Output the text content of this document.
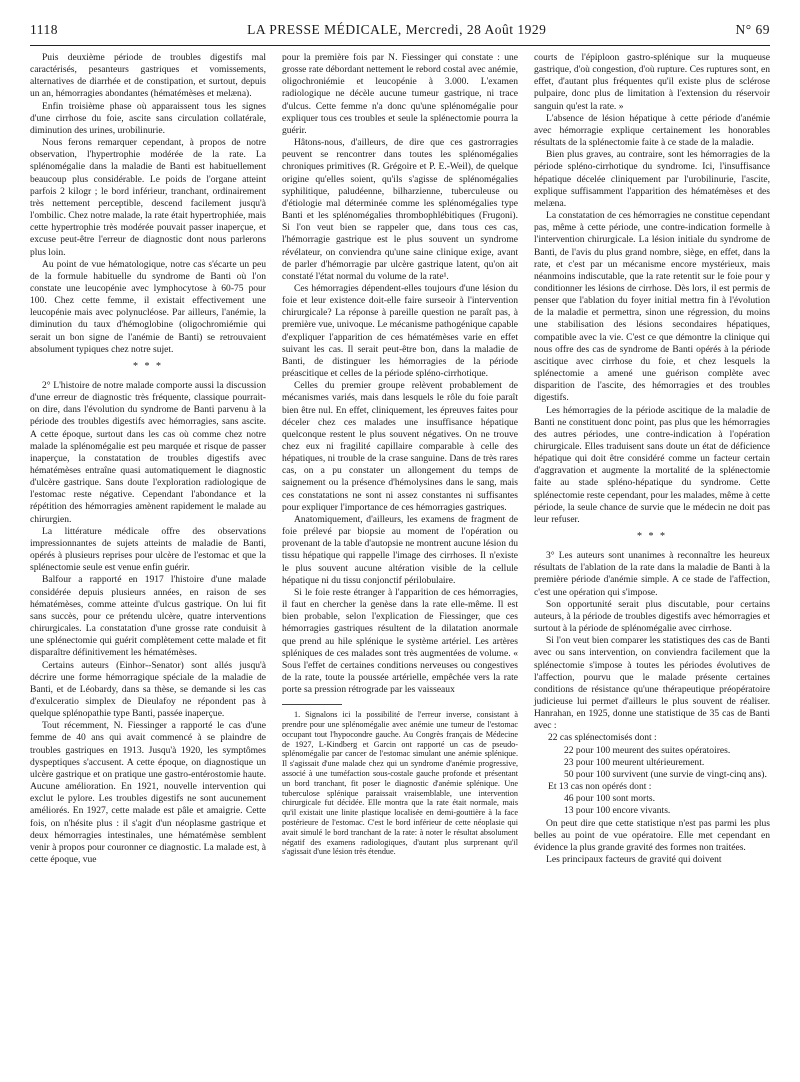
1118	LA PRESSE MÉDICALE, Mercredi, 28 Août 1929	N° 69

Puis deuxième période de troubles digestifs mal caractérisés, pesanteurs gastriques et vomissements, alternatives de diarrhée et de constipation, et surtout, depuis un an, hémorragies abondantes (hématémèses et melæna).

Enfin troisième phase où apparaissent tous les signes d'une cirrhose du foie, ascite sans circulation collatérale, diminution des urines, urobilinurie.

Nous ferons remarquer cependant, à propos de notre observation, l'hypertrophie modérée de la rate. La splénomégalie dans la maladie de Banti est habituellement beaucoup plus considérable. Le poids de l'organe atteint parfois 2 kilogr ; le bord inférieur, tranchant, ordinairement très nettement perceptible, descend facilement jusqu'à l'ombilic. Chez notre malade, la rate était hypertrophiée, mais cette hypertrophie très modérée pouvait passer inaperçue, et excuse peut-être l'erreur de diagnostic dont nous parlerons plus loin.

Au point de vue hématologique, notre cas s'écarte un peu de la formule habituelle du syndrome de Banti où l'on constate une leucopénie avec lymphocytose à 60-75 pour 100. Chez cette femme, il existait effectivement une leucopénie mais avec polynucléose. Par ailleurs, l'anémie, la diminution du taux d'hémoglobine (oligochromiémie qui serait un bon signe de l'anémie de Banti) se retrouvaient absolument typiques chez notre sujet.

* * *

2° L'histoire de notre malade comporte aussi la discussion d'une erreur de diagnostic très fréquente, classique pourrait-on dire, dans l'évolution du syndrome de Banti parvenu à la période des troubles digestifs avec hémorragies, sans ascite. A cette époque, surtout dans les cas où comme chez notre malade la splénomégalie est peu marquée et risque de passer inaperçue, la constatation de troubles digestifs avec hématémèses entraîne quasi automatiquement le diagnostic d'ulcère gastrique. Sans doute l'exploration radiologique de l'estomac reste négative. Cependant l'abondance et la répétition des hémorragies amènent rapidement le malade au chirurgien.

La littérature médicale offre des observations impressionnantes de sujets atteints de maladie de Banti, opérés à plusieurs reprises pour ulcère de l'estomac et que la splénectomie seule est venue enfin guérir.

Balfour a rapporté en 1917 l'histoire d'une malade considérée depuis plusieurs années, en raison de ses hématémèses, comme atteinte d'ulcus gastrique. On lui fit sans succès, pour ce prétendu ulcère, quatre interventions chirurgicales. La constatation d'une grosse rate conduisit à une splénectomie qui guérit complètement cette malade et fit disparaître définitivement les hématémèses.

Certains auteurs (Einhor--Senator) sont allés jusqu'à décrire une forme hémorragique spéciale de la maladie de Banti, et de Léobardy, dans sa thèse, se demande si les cas d'exulceratio simplex de Dieulafoy ne répondent pas à quelque splénopathie type Banti, passée inaperçue.

Tout récemment, N. Fiessinger a rapporté le cas d'une femme de 40 ans qui avait commencé à se plaindre de troubles gastriques en 1913. Jusqu'à 1920, les symptômes dyspeptiques s'accusent. A cette époque, on diagnostique un ulcère gastrique et on pratique une gastro-entérostomie haute. Aucune amélioration. En 1921, nouvelle intervention qui exclut le pylore. Les troubles digestifs ne sont aucunement améliorés. En 1927, cette malade est pâle et amaigrie. Cette fois, on n'hésite plus : il s'agit d'un néoplasme gastrique et deux hémorragies intestinales, une hématémèse semblent venir à propos pour couronner ce diagnostic. La malade est, à cette époque, vue

pour la première fois par N. Fiessinger qui constate : une grosse rate débordant nettement le rebord costal avec anémie, oligochroniémie et leucopénie à 3.000. L'examen radiologique ne décèle aucune tumeur gastrique, ni trace d'ulcus. Cette femme n'a donc qu'une splénomégalie pour expliquer tous ces troubles et seule la splénectomie pourra la guérir.

Hâtons-nous, d'ailleurs, de dire que ces gastrorragies peuvent se rencontrer dans toutes les splénomégalies chroniques primitives (R. Grégoire et P. E.-Weil), de quelque origine qu'elles soient, qu'ils s'agisse de splénomégalies syphilitique, paludéenne, bilharzienne, tuberculeuse ou d'étiologie mal déterminée comme les splénomégalies type Banti et les splénomégalies thrombophlébitiques (Frugoni). Si l'on veut bien se rappeler que, dans tous ces cas, l'hémorragie gastrique est le plus souvent un syndrome révélateur, on conviendra qu'une saine clinique exige, avant de parler d'hémorragie par ulcère gastrique latent, qu'on ait constaté l'état normal du volume de la rate¹.

Ces hémorragies dépendent-elles toujours d'une lésion du foie et leur existence doit-elle faire surseoir à l'intervention chirurgicale? La réponse à pareille question ne paraît pas, à première vue, univoque. Le mécanisme pathogénique capable d'expliquer l'apparition de ces hématémèses varie en effet suivant les cas. Il serait peut-être bon, dans la maladie de Banti, de distinguer les hémorragies de la période préascitique et celles de la période spléno-cirrhotique.

Celles du premier groupe relèvent probablement de mécanismes variés, mais dans lesquels le rôle du foie paraît bien être nul. En effet, cliniquement, les épreuves faites pour déceler chez ces malades une insuffisance hépatique quelconque restent le plus souvent négatives. On ne trouve chez eux ni fragilité capillaire comparable à celle des hépatiques, ni trouble de la crase sanguine. Dans de très rares cas, on a pu constater un allongement du temps de saignement ou la présence d'hémolysines dans le sang, mais ces constatations ne sont ni assez constantes ni suffisantes pour expliquer l'importance de ces hémorragies gastriques.

Anatomiquement, d'ailleurs, les examens de fragment de foie prélevé par biopsie au moment de l'opération ou provenant de la table d'autopsie ne montrent aucune lésion du tissu hépatique qui rappelle l'image des cirrhoses. Il n'existe le plus souvent aucune altération visible de la cellule hépatique ni du tissu conjonctif périlobulaire.

Si le foie reste étranger à l'apparition de ces hémorragies, il faut en chercher la genèse dans la rate elle-même. Il est bien probable, selon l'explication de Fiessinger, que ces hémorragies gastriques résultent de la dilatation anormale que prend au hile splénique le système artériel. Les artères spléniques de ces malades sont très augmentées de volume. « Sous l'effet de certaines conditions nerveuses ou congestives de la rate, toute la poussée artérielle, empêchée vers la rate porte sa pression rétrograde par les vaisseaux

1. Signalons ici la possibilité de l'erreur inverse, consistant à prendre pour une splénomégalie avec anémie une tumeur de l'estomac occupant tout l'hypocondre gauche. Au Congrès français de Médecine de 1927, L-Kindberg et Garcin ont rapporté un cas de pseudo-splénomégalie par cancer de l'estomac simulant une anémie splénique. Il s'agissait d'une malade chez qui un syndrome d'anémie progressive, associé à une tuméfaction sous-costale gauche profonde et présentant un bord tranchant, fit poser le diagnostic d'anémie splénique. Une tuberculose splénique paraissait vraisemblable, une intervention chirurgicale fut décidée. Elle montra que la rate était normale, mais qu'il existait une linite plastique localisée en demi-gouttière à la face postérieure de l'estomac. C'est le bord inférieur de cette néoplasie qui avait simulé le bord tranchant de la rate: à noter le résultat absolument négatif des examens radiologiques, d'autant plus surprenant qu'il s'agissait d'une lésion très étendue.

courts de l'épiploon gastro-splénique sur la muqueuse gastrique, d'où congestion, d'où rupture. Ces ruptures sont, en effet, d'autant plus fréquentes qu'il existe plus de sclérose pulpaire, donc plus de limitation à l'extension du réservoir sanguin qu'est la rate. »

L'absence de lésion hépatique à cette période d'anémie avec hémorragie explique certainement les honorables résultats de la splénectomie faite à ce stade de la maladie.

Bien plus graves, au contraire, sont les hémorragies de la période spléno-cirrhotique du syndrome. Ici, l'insuffisance hépatique décelée cliniquement par l'urobilinurie, l'ascite, explique suffisamment l'apparition des hématémèses et des melæna.

La constatation de ces hémorragies ne constitue cependant pas, même à cette période, une contre-indication formelle à l'intervention chirurgicale. La lésion initiale du syndrome de Banti, de l'avis du plus grand nombre, siège, en effet, dans la rate, et c'est par un mécanisme encore mystérieux, mais néanmoins indiscutable, que la rate retentit sur le foie pour y conditionner les lésions de cirrhose. Dès lors, il est permis de penser que l'ablation du foyer initial mettra fin à l'évolution de la maladie et permettra, sinon une régression, du moins une stabilisation des lésions secondaires hépatiques, compatible avec la vie. C'est ce que démontre la clinique qui nous offre des cas de syndrome de Banti opérés à la période ascitique avec cirrhose du foie, et chez lesquels la splénectomie a amené une guérison complète avec disparition de l'ascite, des hémorragies et des troubles digestifs.

Les hémorragies de la période ascitique de la maladie de Banti ne constituent donc point, pas plus que les hémorragies des autres périodes, une contre-indication à l'opération chirurgicale. Elles traduisent sans doute un état de déficience hépatique qui doit être considéré comme un facteur certain d'aggravation et augmente la mortalité de la splénectomie faite au stade spléno-hépatique du syndrome. Cette splénectomie reste cependant, pour les malades, même à cette période, la seule chance de survie que le médecin ne doit pas leur refuser.

* * *

3° Les auteurs sont unanimes à reconnaître les heureux résultats de l'ablation de la rate dans la maladie de Banti à la première période d'anémie simple. A ce stade de l'affection, c'est une opération qui s'impose.

Son opportunité serait plus discutable, pour certains auteurs, à la période de troubles digestifs avec hémorragies et surtout à la période de splénomégalie avec cirrhose.

Si l'on veut bien comparer les statistiques des cas de Banti avec ou sans intervention, on conviendra facilement que la splénectomie s'impose à toutes les périodes évolutives de l'affection, pourvu que le malade présente certaines conditions de résistance qu'une thérapeutique préopératoire judicieuse lui permet d'ailleurs le plus souvent de réaliser. Hanrahan, en 1925, donne une statistique de 35 cas de Banti avec :

22 cas splénectomisés dont :

22 pour 100 meurent des suites opératoires.

23 pour 100 meurent ultérieurement.

50 pour 100 survivent (une survie de vingt-cinq ans).

Et 13 cas non opérés dont :

46 pour 100 sont morts.

13 pour 100 encore vivants.

On peut dire que cette statistique n'est pas parmi les plus belles au point de vue opératoire. Elle met cependant en évidence la plus grande gravité des formes non traitées.

Les principaux facteurs de gravité qui doivent
